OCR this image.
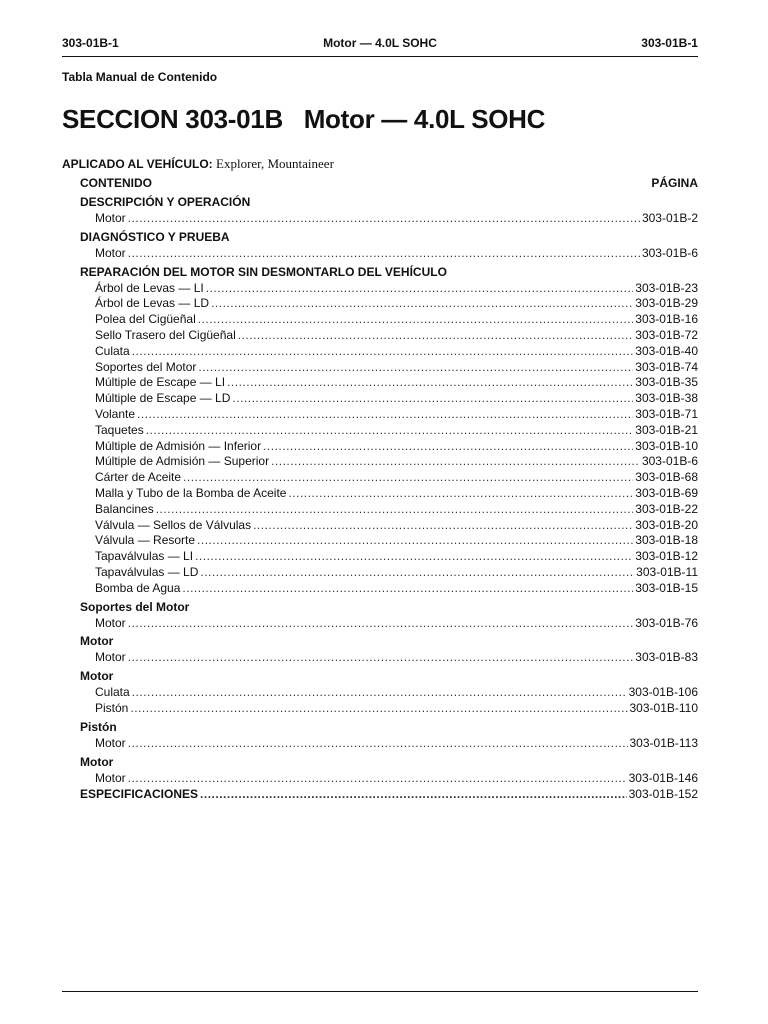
303-01B-1	Motor — 4.0L SOHC	303-01B-1
Tabla Manual de Contenido
SECCION 303-01B   Motor — 4.0L SOHC
APLICADO AL VEHÍCULO: Explorer, Mountaineer
CONTENIDO	PÁGINA
DESCRIPCIÓN Y OPERACIÓN
Motor .....	303-01B-2
DIAGNÓSTICO Y PRUEBA
Motor .....	303-01B-6
REPARACIÓN DEL MOTOR SIN DESMONTARLO DEL VEHÍCULO
Árbol de Levas — LI .....	303-01B-23
Árbol de Levas — LD .....	303-01B-29
Polea del Cigüeñal .....	303-01B-16
Sello Trasero del Cigüeñal .....	303-01B-72
Culata .....	303-01B-40
Soportes del Motor .....	303-01B-74
Múltiple de Escape — LI .....	303-01B-35
Múltiple de Escape — LD .....	303-01B-38
Volante .....	303-01B-71
Taquetes .....	303-01B-21
Múltiple de Admisión — Inferior .....	303-01B-10
Múltiple de Admisión — Superior .....	303-01B-6
Cárter de Aceite .....	303-01B-68
Malla y Tubo de la Bomba de Aceite .....	303-01B-69
Balancines .....	303-01B-22
Válvula — Sellos de Válvulas .....	303-01B-20
Válvula — Resorte .....	303-01B-18
Tapaválvulas — LI .....	303-01B-12
Tapaválvulas — LD .....	303-01B-11
Bomba de Agua .....	303-01B-15
Soportes del Motor
Motor .....	303-01B-76
Motor
Motor .....	303-01B-83
Motor
Culata .....	303-01B-106
Pistón .....	303-01B-110
Pistón
Motor .....	303-01B-113
Motor
Motor .....	303-01B-146
ESPECIFICACIONES .....	303-01B-152
